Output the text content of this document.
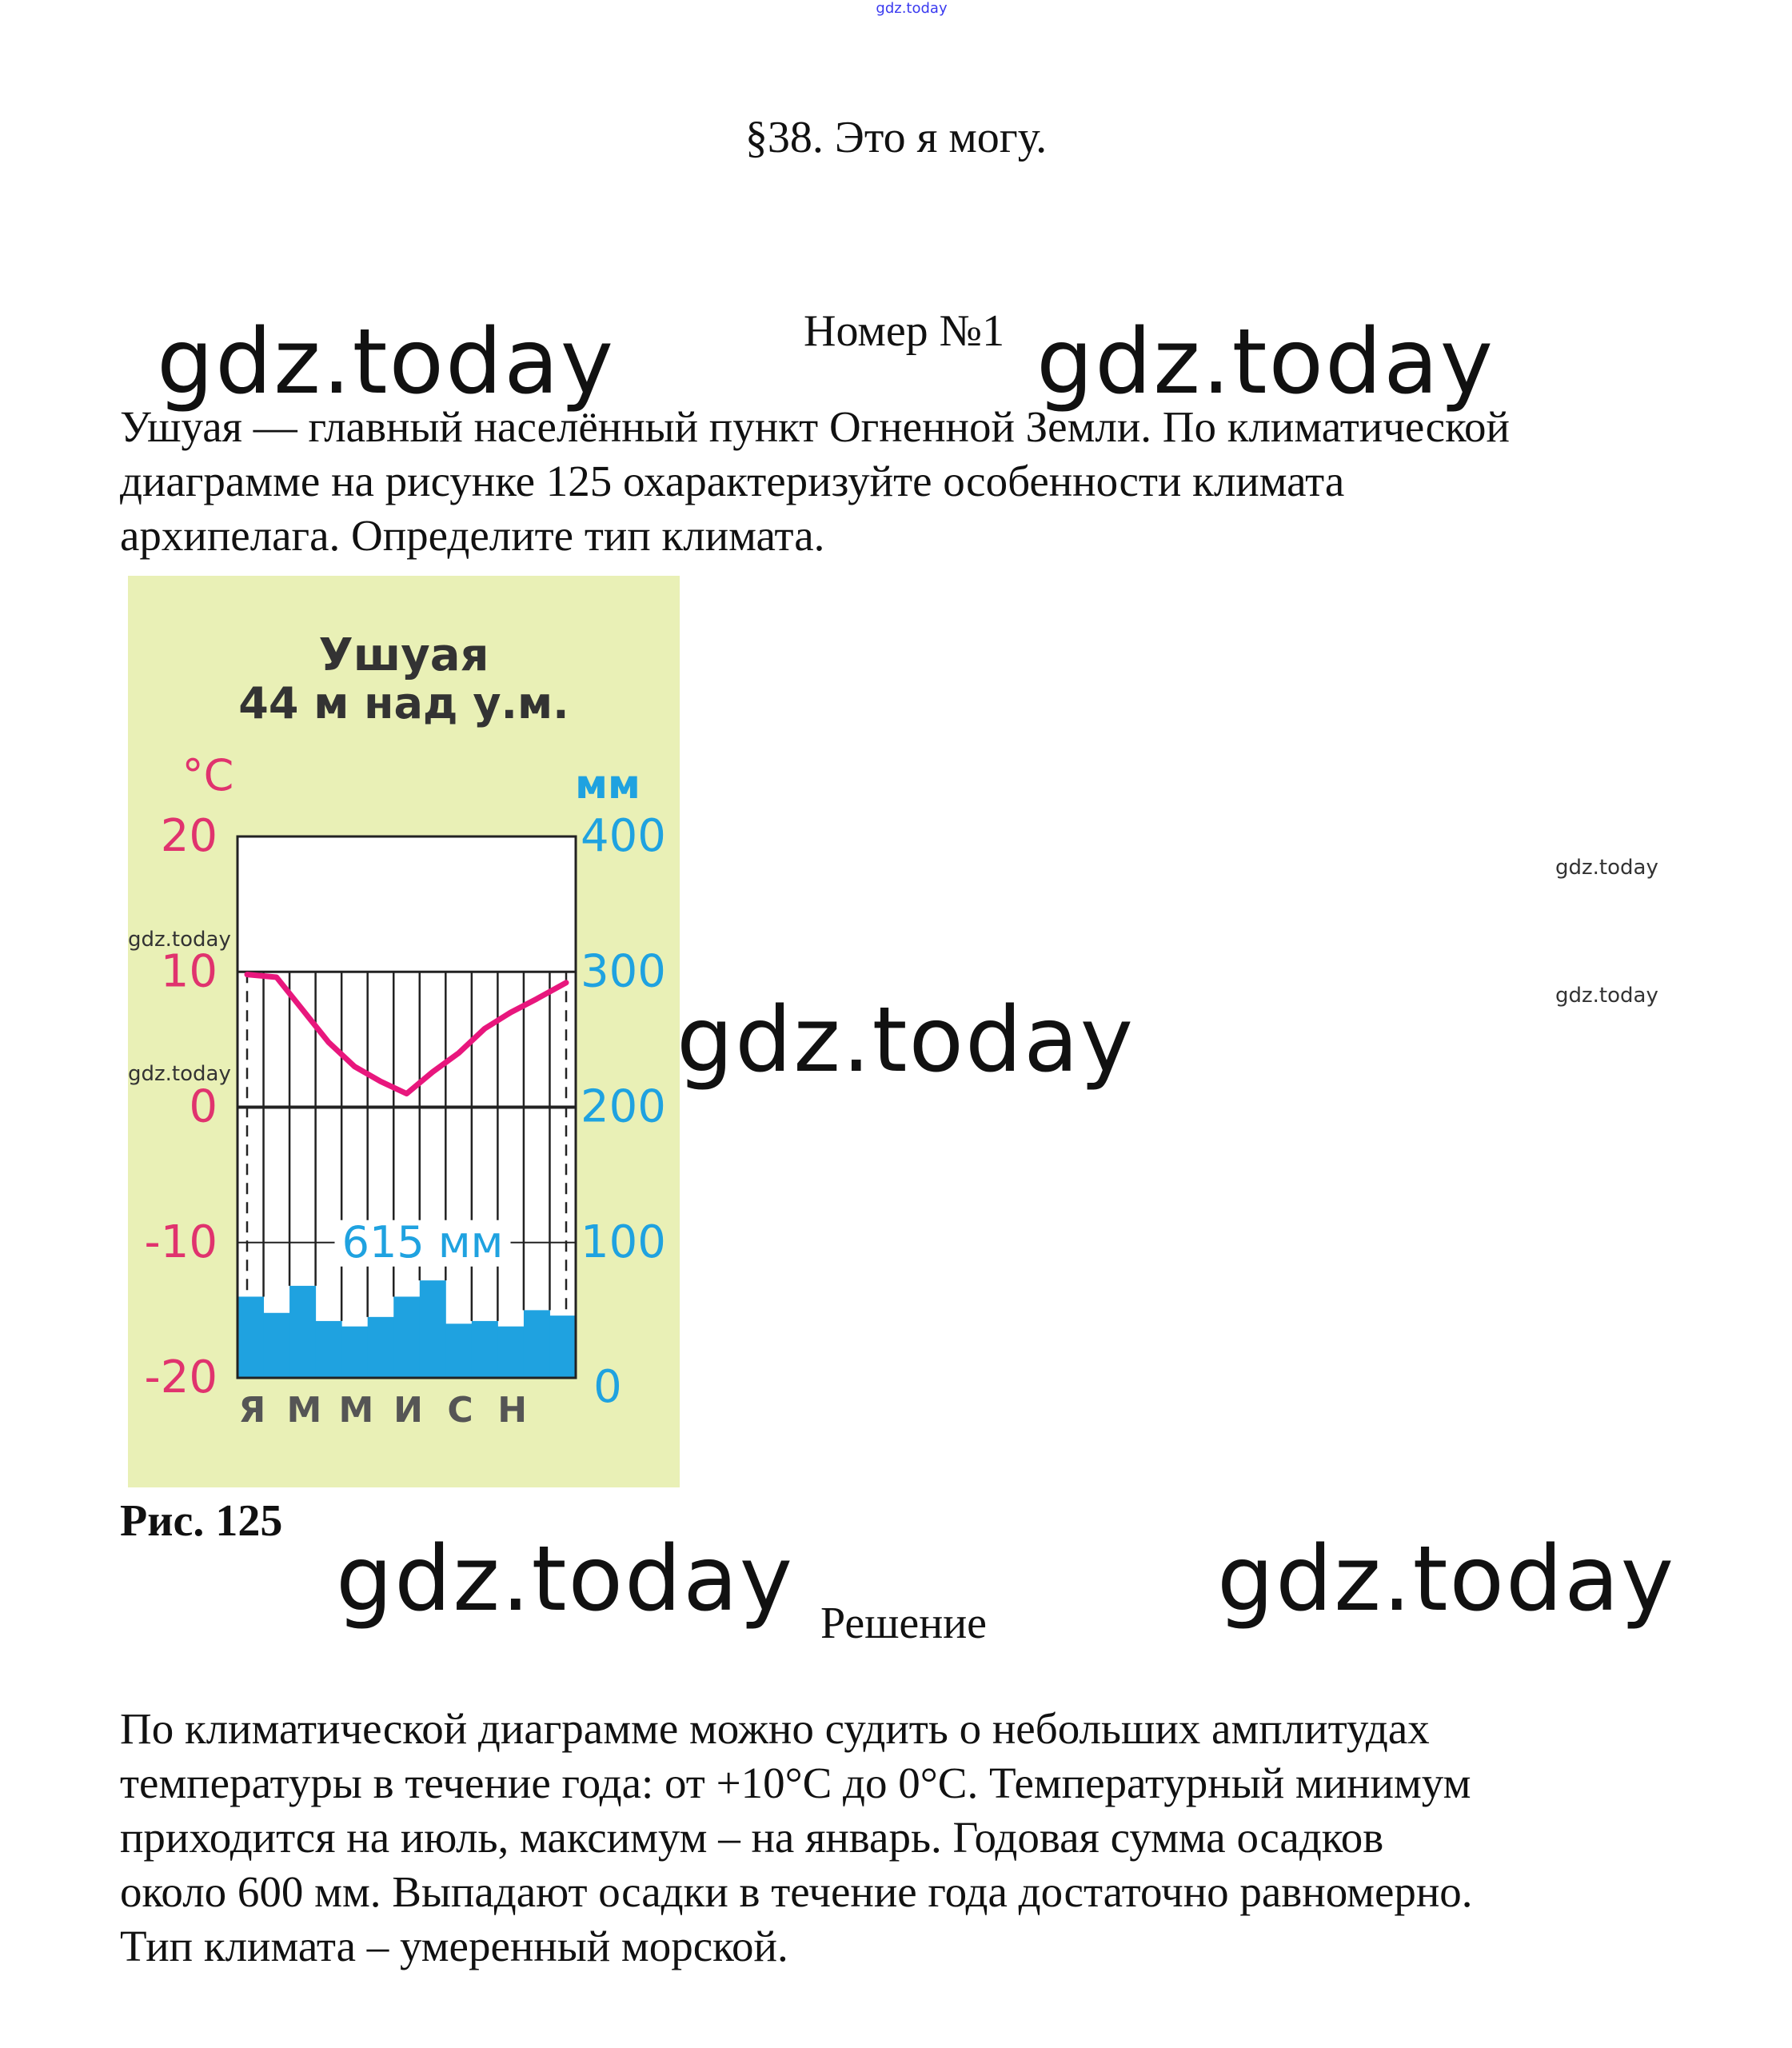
gdz.today
§38. Это я могу.
gdz.today	Номер №1 gdz.today
Ушуая — главный населённый пункт Огненной Земли. По климатической
диаграмме на рисунке 125 охарактеризуйте особенности климата
архипелага. Определите тип климата.
Ушуая
44 м над у.м.
°C	мм
615 мм
20
10
0
-10
-20
400
300
200
100
0
Я М М И С Н
gdz.today
gdz.today
gdz.today
gdz.today
gdz.today
Рис. 125
gdz.today Решение	gdz.today
По климатической диаграмме можно судить о небольших амплитудах
температуры в течение года: от +10°С до 0°С. Температурный минимум
приходится на июль, максимум – на январь. Годовая сумма осадков
около 600 мм. Выпадают осадки в течение года достаточно равномерно.
Тип климата – умеренный морской.
